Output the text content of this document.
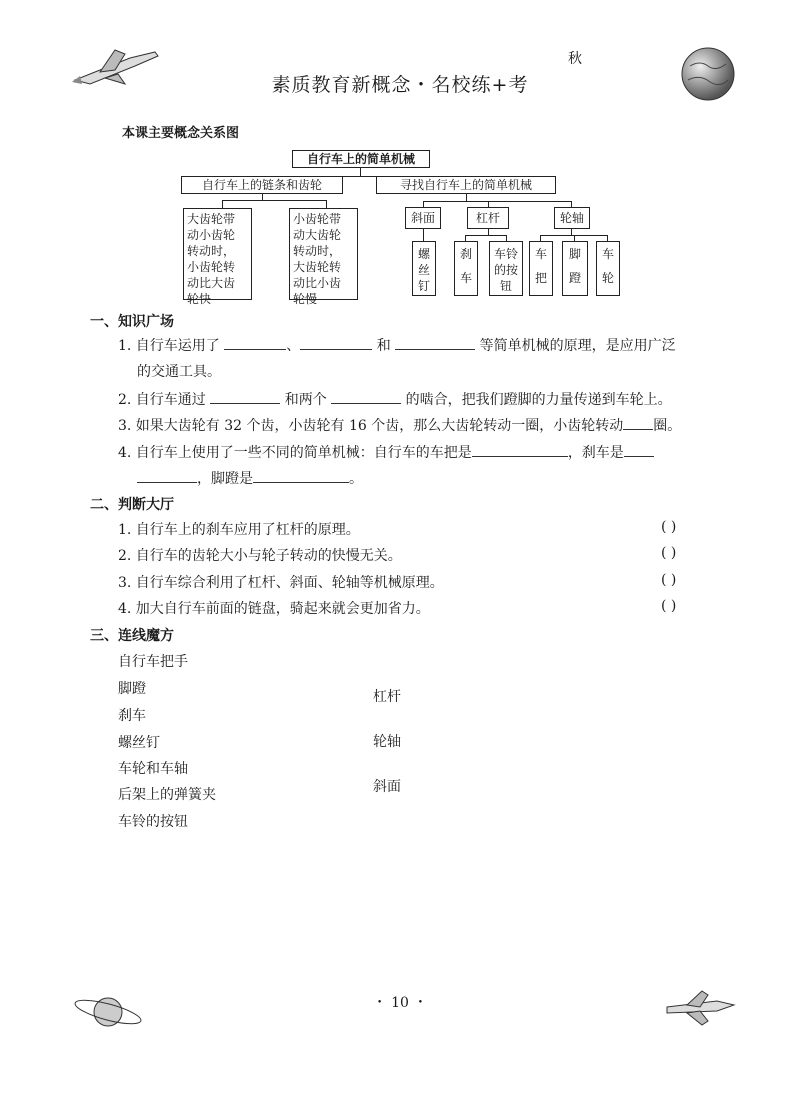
素质教育新概念・名校练+考
秋
本课主要概念关系图
自行车上的简单机械
自行车上的链条和齿轮	寻找自行车上的简单机械
大齿轮带
动小齿轮
转动时，
小齿轮转
动比大齿
轮快
小齿轮带
动大齿轮
转动时，
大齿轮转
动比小齿
轮慢
斜面	杠杆	轮轴
螺
丝
钉
刹
车
车铃
的按
钮
车
把
脚
蹬
车
轮
一、知识广场
1. 自行车运用了	、	和	等简单机械的原理，是应用广泛
的交通工具。
2. 自行车通过	和两个	的啮合，把我们蹬脚的力量传递到车轮上。
3. 如果大齿轮有 32 个齿，小齿轮有 16 个齿，那么大齿轮转动一圈，小齿轮转动 圈。
4. 自行车上使用了一些不同的简单机械：自行车的车把是	，刹车是
，脚蹬是	。
二、判断大厅
1. 自行车上的刹车应用了杠杆的原理。	( )
2. 自行车的齿轮大小与轮子转动的快慢无关。	( )
3. 自行车综合利用了杠杆、斜面、轮轴等机械原理。	( )
4. 加大自行车前面的链盘，骑起来就会更加省力。	( )
三、连线魔方
自行车把手
脚蹬
刹车
螺丝钉
车轮和车轴
后架上的弹簧夹
车铃的按钮
杠杆
轮轴
斜面
・ 10 ・
